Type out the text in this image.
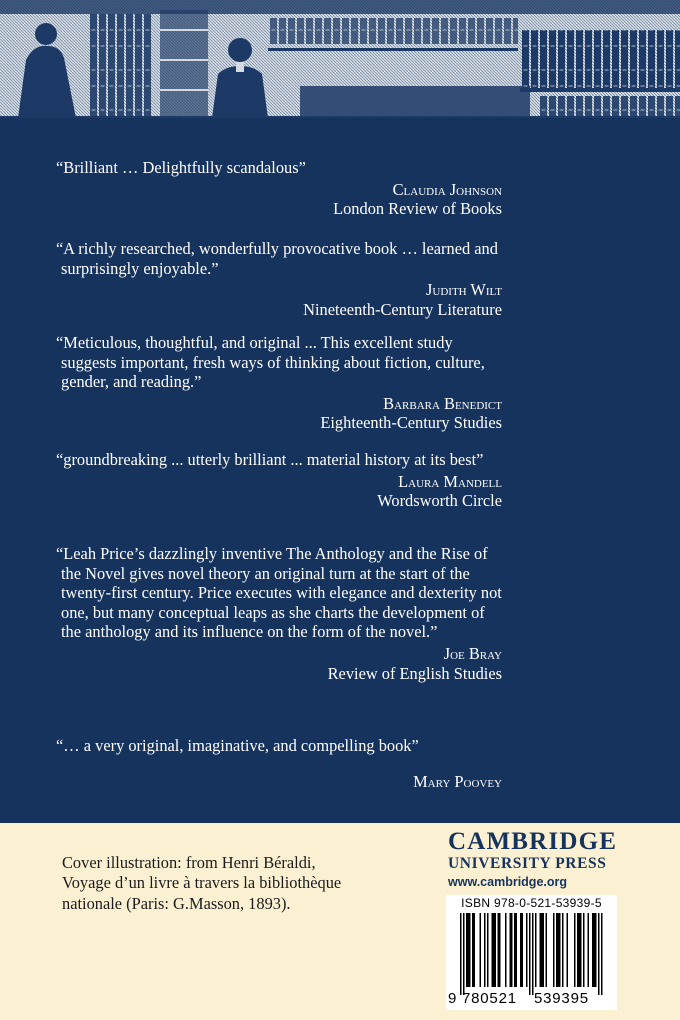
“Brilliant … Delightfully scandalous”

Claudia Johnson

London Review of Books

“A richly researched, wonderfully provocative book … learned and surprisingly enjoyable.”

Judith Wilt

Nineteenth-Century Literature

“Meticulous, thoughtful, and original ... This excellent study suggests important, fresh ways of thinking about fiction, culture, gender, and reading.”

Barbara Benedict

Eighteenth-Century Studies

“groundbreaking ... utterly brilliant ... material history at its best”

Laura Mandell

Wordsworth Circle

“Leah Price’s dazzlingly inventive The Anthology and the Rise of the Novel gives novel theory an original turn at the start of the twenty-first century. Price executes with elegance and dexterity not one, but many conceptual leaps as she charts the development of the anthology and its influence on the form of the novel.”

Joe Bray

Review of English Studies

“… a very original, imaginative, and compelling book”

Mary Poovey

Cover illustration: from Henri Béraldi, Voyage d’un livre à travers la bibliothèque nationale (Paris: G.Masson, 1893).
CAMBRIDGE
UNIVERSITY PRESS
www.cambridge.org
ISBN 978-0-521-53939-5
9 780521 539395
